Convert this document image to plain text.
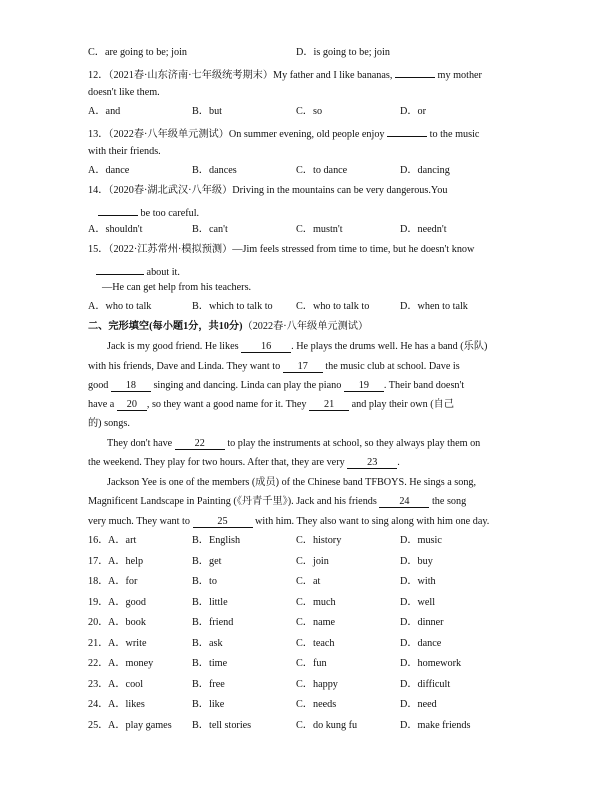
C．are going to be; join	D．is going to be; join
12．（2021春·山东济南·七年级统考期末）My father and I like bananas,	my mother
doesn't like them.
A．and	B．but	C．so	D．or
13．（2022春·八年级单元测试）On summer evening, old people enjoy	to the music
with their friends.
A．dance	B．dances	C．to dance	D．dancing
14．（2020春·湖北武汉·八年级）Driving in the mountains can be very dangerous.You
be too careful.
A．shouldn't	B．can't	C．mustn't	D．needn't
15．（2022·江苏常州·模拟预测）—Jim feels stressed from time to time, but he doesn't know
about it.
—He can get help from his teachers.
A．who to talk	B．which to talk to C．who to talk to	D．when to talk
二、完形填空(每小题1分，共10分)（2022春·八年级单元测试）
Jack is my good friend. He likes 16 . He plays the drums well. He has a band (乐队)
with his friends, Dave and Linda. They want to 17 the music club at school. Dave is
good 18 singing and dancing. Linda can play the piano 19 . Their band doesn't
have a 20 , so they want a good name for it. They 21 and play their own (自己
的) songs.
They don't have 22 to play the instruments at school, so they always play them on
the weekend. They play for two hours. After that, they are very 23 .
Jackson Yee is one of the members (成员) of the Chinese band TFBOYS. He sings a song,
Magnificent Landscape in Painting (《丹青千里》). Jack and his friends 24 the song
very much. They want to 25 with him. They also want to sing along with him one day.
16． A．art	B．English	C．history	D．music
17． A．help	B．get	C．join	D．buy
18． A．for	B．to	C．at	D．with
19． A．good	B．little	C．much	D．well
20． A．book	B．friend	C．name	D．dinner
21． A．write	B．ask	C．teach	D．dance
22． A．money	B．time	C．fun	D．homework
23． A．cool	B．free	C．happy	D．difficult
24． A．likes	B．like	C．needs	D．need
25． A．play games B．tell stories	C．do kung fu	D．make friends
